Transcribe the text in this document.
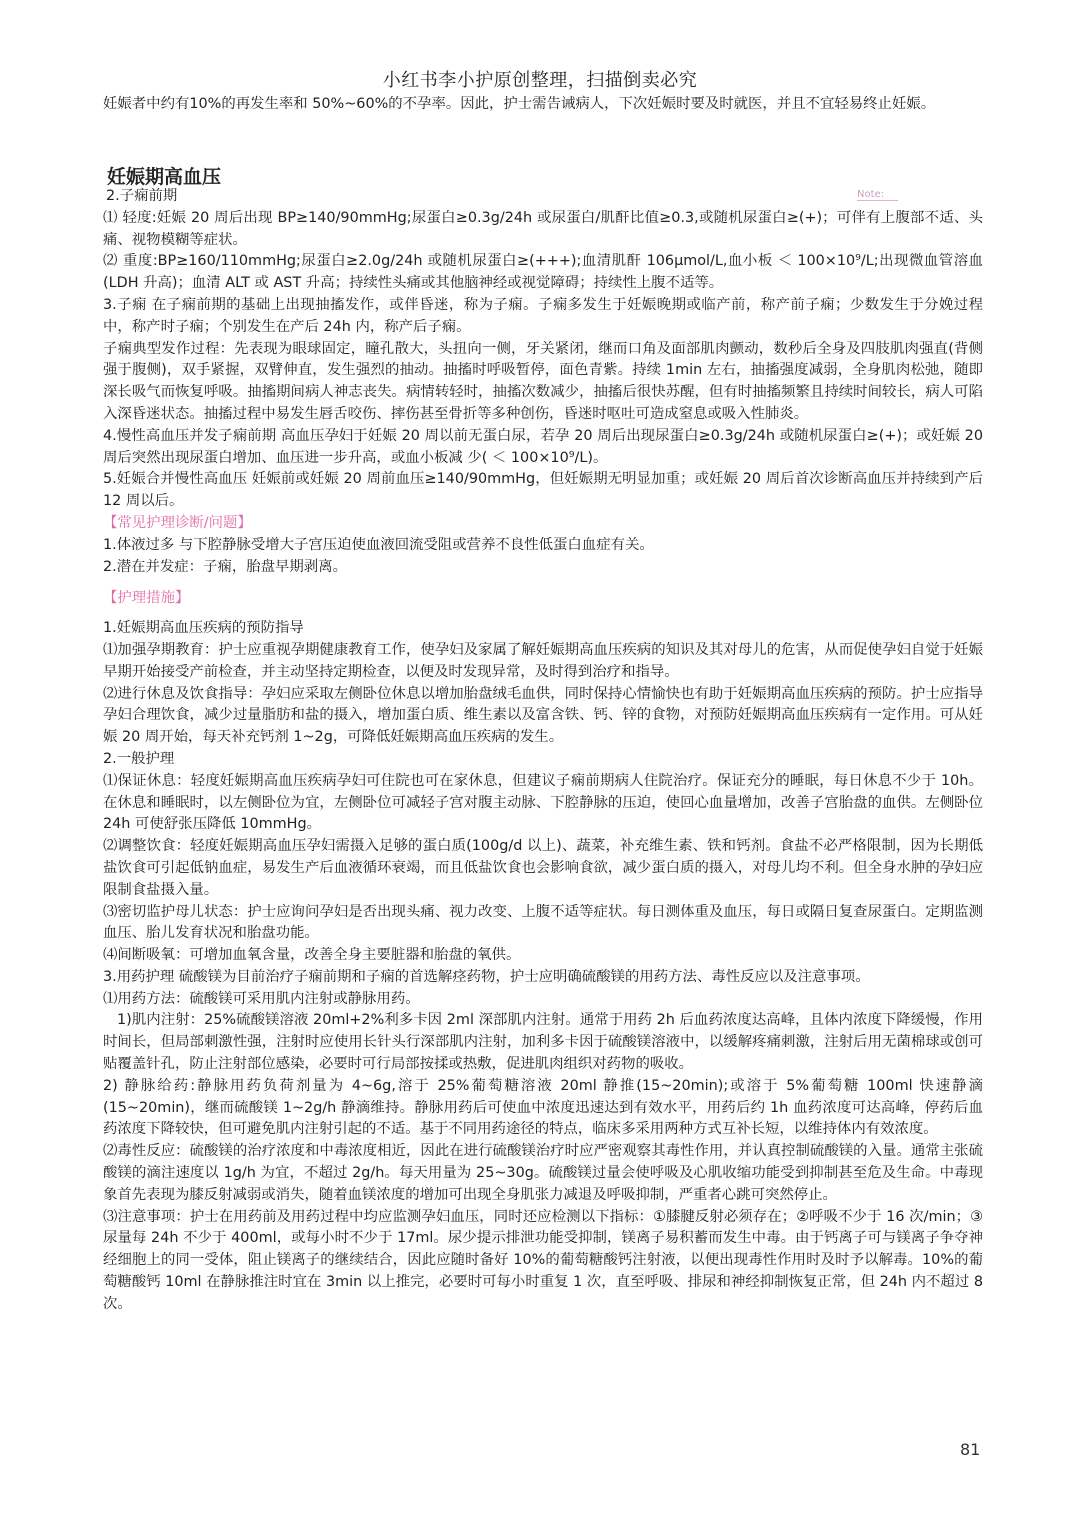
小红书李小护原创整理，扫描倒卖必究

妊娠者中约有10%的再发生率和 50%~60%的不孕率。因此，护士需告诫病人，下次妊娠时要及时就医，并且不宜轻易终止妊娠。

妊娠期高血压
Note:

2.子痫前期

⑴ 轻度:妊娠 20 周后出现 BP≥140/90mmHg;尿蛋白≥0.3g/24h 或尿蛋白/肌酐比值≥0.3,或随机尿蛋白≥(+)；可伴有上腹部不适、头痛、视物模糊等症状。

⑵ 重度:BP≥160/110mmHg;尿蛋白≥2.0g/24h 或随机尿蛋白≥(+++);血清肌酐 106μmol/L,血小板 ＜ 100×10⁹/L;出现微血管溶血(LDH 升高)；血清 ALT 或 AST 升高；持续性头痛或其他脑神经或视觉障碍；持续性上腹不适等。

3.子痫 在子痫前期的基础上出现抽搐发作，或伴昏迷，称为子痫。子痫多发生于妊娠晚期或临产前，称产前子痫；少数发生于分娩过程中，称产时子痫；个别发生在产后 24h 内，称产后子痫。

子痫典型发作过程：先表现为眼球固定，瞳孔散大，头扭向一侧，牙关紧闭，继而口角及面部肌肉颤动，数秒后全身及四肢肌肉强直(背侧强于腹侧)，双手紧握，双臂伸直，发生强烈的抽动。抽搐时呼吸暂停，面色青紫。持续 1min 左右，抽搐强度减弱，全身肌肉松弛，随即深长吸气而恢复呼吸。抽搐期间病人神志丧失。病情转轻时，抽搐次数减少，抽搐后很快苏醒，但有时抽搐频繁且持续时间较长，病人可陷入深昏迷状态。抽搐过程中易发生唇舌咬伤、摔伤甚至骨折等多种创伤，昏迷时呕吐可造成窒息或吸入性肺炎。

4.慢性高血压并发子痫前期 高血压孕妇于妊娠 20 周以前无蛋白尿，若孕 20 周后出现尿蛋白≥0.3g/24h 或随机尿蛋白≥(+)；或妊娠 20 周后突然出现尿蛋白增加、血压进一步升高，或血小板减 少( ＜ 100×10⁹/L)。

5.妊娠合并慢性高血压 妊娠前或妊娠 20 周前血压≥140/90mmHg，但妊娠期无明显加重；或妊娠 20 周后首次诊断高血压并持续到产后 12 周以后。

【常见护理诊断/问题】

1.体液过多 与下腔静脉受增大子宫压迫使血液回流受阻或营养不良性低蛋白血症有关。

2.潜在并发症：子痫，胎盘早期剥离。

【护理措施】

1.妊娠期高血压疾病的预防指导

⑴加强孕期教育：护士应重视孕期健康教育工作，使孕妇及家属了解妊娠期高血压疾病的知识及其对母儿的危害，从而促使孕妇自觉于妊娠早期开始接受产前检查，并主动坚持定期检查，以便及时发现异常，及时得到治疗和指导。

⑵进行休息及饮食指导：孕妇应采取左侧卧位休息以增加胎盘绒毛血供，同时保持心情愉快也有助于妊娠期高血压疾病的预防。护士应指导孕妇合理饮食，减少过量脂肪和盐的摄入，增加蛋白质、维生素以及富含铁、钙、锌的食物，对预防妊娠期高血压疾病有一定作用。可从妊娠 20 周开始，每天补充钙剂 1~2g，可降低妊娠期高血压疾病的发生。

2.一般护理

⑴保证休息：轻度妊娠期高血压疾病孕妇可住院也可在家休息，但建议子痫前期病人住院治疗。保证充分的睡眠，每日休息不少于 10h。在休息和睡眠时，以左侧卧位为宜，左侧卧位可减轻子宫对腹主动脉、下腔静脉的压迫，使回心血量增加，改善子宫胎盘的血供。左侧卧位 24h 可使舒张压降低 10mmHg。

⑵调整饮食：轻度妊娠期高血压孕妇需摄入足够的蛋白质(100g/d 以上)、蔬菜，补充维生素、铁和钙剂。食盐不必严格限制，因为长期低盐饮食可引起低钠血症，易发生产后血液循环衰竭，而且低盐饮食也会影响食欲，减少蛋白质的摄入，对母儿均不利。但全身水肿的孕妇应限制食盐摄入量。

⑶密切监护母儿状态：护士应询问孕妇是否出现头痛、视力改变、上腹不适等症状。每日测体重及血压，每日或隔日复查尿蛋白。定期监测血压、胎儿发育状况和胎盘功能。

⑷间断吸氧：可增加血氧含量，改善全身主要脏器和胎盘的氧供。

3.用药护理 硫酸镁为目前治疗子痫前期和子痫的首选解痉药物，护士应明确硫酸镁的用药方法、毒性反应以及注意事项。

⑴用药方法：硫酸镁可采用肌内注射或静脉用药。

1)肌内注射：25%硫酸镁溶液 20ml+2%利多卡因 2ml 深部肌内注射。通常于用药 2h 后血药浓度达高峰，且体内浓度下降缓慢，作用时间长，但局部刺激性强，注射时应使用长针头行深部肌内注射，加利多卡因于硫酸镁溶液中，以缓解疼痛刺激，注射后用无菌棉球或创可贴覆盖针孔，防止注射部位感染，必要时可行局部按揉或热敷，促进肌肉组织对药物的吸收。

2) 静脉给药:静脉用药负荷剂量为 4~6g,溶于 25%葡萄糖溶液 20ml 静推(15~20min);或溶于 5%葡萄糖 100ml 快速静滴(15~20min)，继而硫酸镁 1~2g/h 静滴维持。静脉用药后可使血中浓度迅速达到有效水平，用药后约 1h 血药浓度可达高峰，停药后血药浓度下降较快，但可避免肌内注射引起的不适。基于不同用药途径的特点，临床多采用两种方式互补长短，以维持体内有效浓度。

⑵毒性反应：硫酸镁的治疗浓度和中毒浓度相近，因此在进行硫酸镁治疗时应严密观察其毒性作用，并认真控制硫酸镁的入量。通常主张硫酸镁的滴注速度以 1g/h 为宜，不超过 2g/h。每天用量为 25~30g。硫酸镁过量会使呼吸及心肌收缩功能受到抑制甚至危及生命。中毒现象首先表现为膝反射减弱或消失，随着血镁浓度的增加可出现全身肌张力减退及呼吸抑制，严重者心跳可突然停止。

⑶注意事项：护士在用药前及用药过程中均应监测孕妇血压，同时还应检测以下指标：①膝腱反射必须存在；②呼吸不少于 16 次/min；③尿量每 24h 不少于 400ml，或每小时不少于 17ml。尿少提示排泄功能受抑制，镁离子易积蓄而发生中毒。由于钙离子可与镁离子争夺神经细胞上的同一受体，阻止镁离子的继续结合，因此应随时备好 10%的葡萄糖酸钙注射液，以便出现毒性作用时及时予以解毒。10%的葡萄糖酸钙 10ml 在静脉推注时宜在 3min 以上推完，必要时可每小时重复 1 次，直至呼吸、排尿和神经抑制恢复正常，但 24h 内不超过 8 次。

81
